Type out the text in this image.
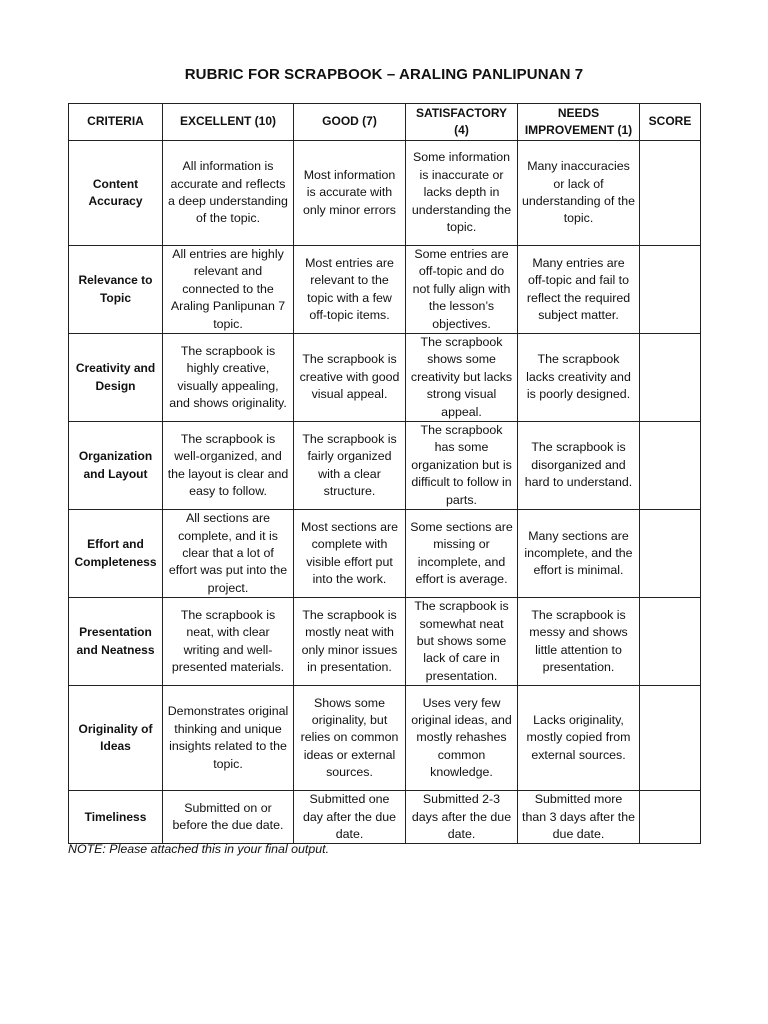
RUBRIC FOR SCRAPBOOK – ARALING PANLIPUNAN 7
CRITERIA	EXCELLENT (10)	GOOD (7)	SATISFACTORY (4)	NEEDS IMPROVEMENT (1)	SCORE
Content Accuracy	All information is accurate and reflects a deep understanding of the topic.	Most information is accurate with only minor errors	Some information is inaccurate or lacks depth in understanding the topic.	Many inaccuracies or lack of understanding of the topic.	
Relevance to Topic	All entries are highly relevant and connected to the Araling Panlipunan 7 topic.	Most entries are relevant to the topic with a few off-topic items.	Some entries are off-topic and do not fully align with the lesson’s objectives.	Many entries are off-topic and fail to reflect the required subject matter.	
Creativity and Design	The scrapbook is highly creative, visually appealing, and shows originality.	The scrapbook is creative with good visual appeal.	The scrapbook shows some creativity but lacks strong visual appeal.	The scrapbook lacks creativity and is poorly designed.	
Organization and Layout	The scrapbook is well-organized, and the layout is clear and easy to follow.	The scrapbook is fairly organized with a clear structure.	The scrapbook has some organization but is difficult to follow in parts.	The scrapbook is disorganized and hard to understand.	
Effort and Completeness	All sections are complete, and it is clear that a lot of effort was put into the project.	Most sections are complete with visible effort put into the work.	Some sections are missing or incomplete, and effort is average.	Many sections are incomplete, and the effort is minimal.	
Presentation and Neatness	The scrapbook is neat, with clear writing and well-presented materials.	The scrapbook is mostly neat with only minor issues in presentation.	The scrapbook is somewhat neat but shows some lack of care in presentation.	The scrapbook is messy and shows little attention to presentation.	
Originality of Ideas	Demonstrates original thinking and unique insights related to the topic.	Shows some originality, but relies on common ideas or external sources.	Uses very few original ideas, and mostly rehashes common knowledge.	Lacks originality, mostly copied from external sources.	
Timeliness	Submitted on or before the due date.	Submitted one day after the due date.	Submitted 2-3 days after the due date.	Submitted more than 3 days after the due date.	
NOTE: Please attached this in your final output.
